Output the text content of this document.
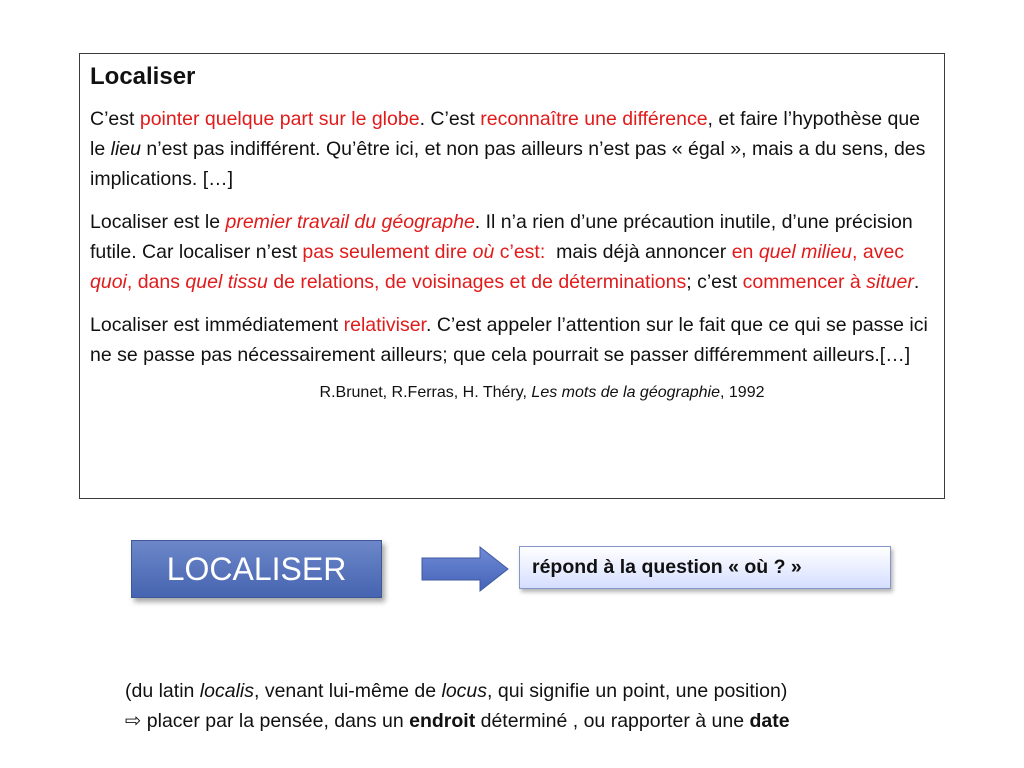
Localiser

C’est pointer quelque part sur le globe. C’est reconnaître une différence, et faire l’hypothèse que le lieu n’est pas indifférent. Qu’être ici, et non pas ailleurs n’est pas « égal », mais a du sens, des implications. […]

Localiser est le premier travail du géographe. Il n’a rien d’une précaution inutile, d’une précision futile. Car localiser n’est pas seulement dire où c’est:  mais déjà annoncer en quel milieu, avec quoi, dans quel tissu de relations, de voisinages et de déterminations; c’est commencer à situer.

Localiser est immédiatement relativiser. C’est appeler l’attention sur le fait que ce qui se passe ici ne se passe pas nécessairement ailleurs; que cela pourrait se passer différemment ailleurs.[…]

R.Brunet, R.Ferras, H. Théry, Les mots de la géographie, 1992
LOCALISER	répond à la question « où ? »
(du latin localis, venant lui-même de locus, qui signifie un point, une position)
⇨ placer par la pensée, dans un endroit déterminé , ou rapporter à une date
